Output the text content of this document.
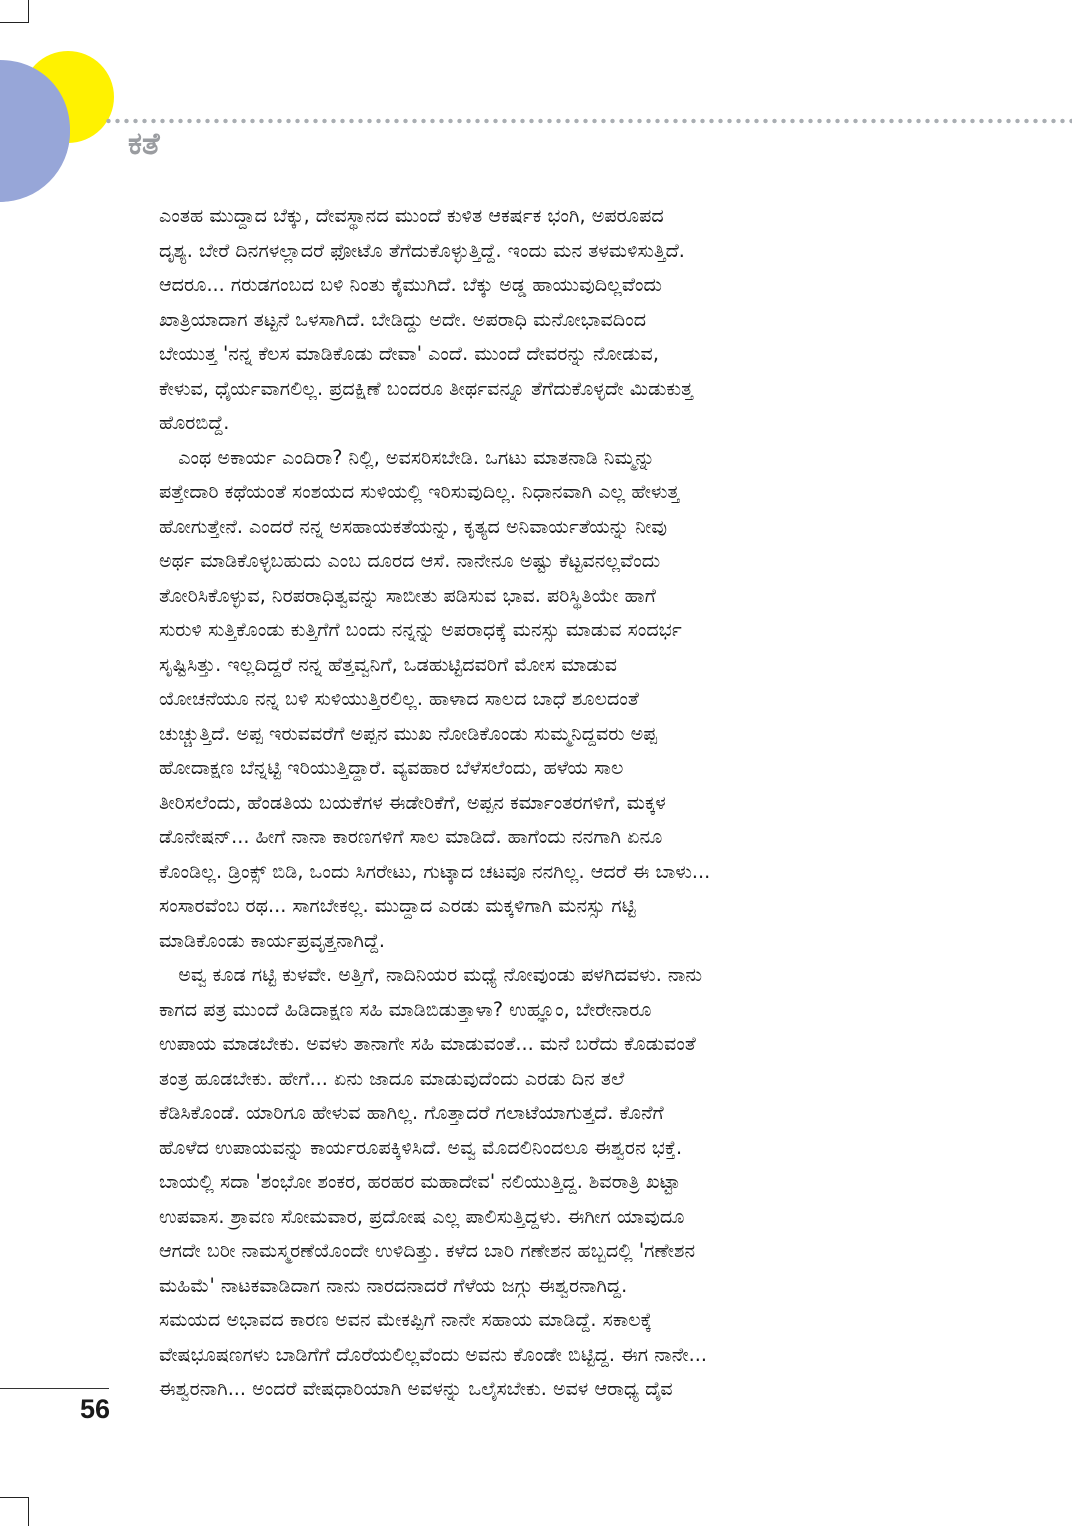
ಕತೆ
ಎಂತಹ ಮುದ್ದಾದ ಬೆಕ್ಕು, ದೇವಸ್ಥಾನದ ಮುಂದೆ ಕುಳಿತ ಆಕರ್ಷಕ ಭಂಗಿ, ಅಪರೂಪದ
ದೃಶ್ಯ. ಬೇರೆ ದಿನಗಳಲ್ಲಾದರೆ ಫೋಟೊ ತೆಗೆದುಕೊಳ್ಳುತ್ತಿದ್ದೆ. ಇಂದು ಮನ ತಳಮಳಿಸುತ್ತಿದೆ.
ಆದರೂ... ಗರುಡಗಂಬದ ಬಳಿ ನಿಂತು ಕೈಮುಗಿದೆ. ಬೆಕ್ಕು ಅಡ್ಡ ಹಾಯುವುದಿಲ್ಲವೆಂದು
ಖಾತ್ರಿಯಾದಾಗ ತಟ್ಟನೆ ಒಳಸಾಗಿದೆ. ಬೇಡಿದ್ದು ಅದೇ. ಅಪರಾಧಿ ಮನೋಭಾವದಿಂದ
ಬೇಯುತ್ತ 'ನನ್ನ ಕೆಲಸ ಮಾಡಿಕೊಡು ದೇವಾ' ಎಂದೆ. ಮುಂದೆ ದೇವರನ್ನು ನೋಡುವ,
ಕೇಳುವ, ಧೈರ್ಯವಾಗಲಿಲ್ಲ. ಪ್ರದಕ್ಷಿಣೆ ಬಂದರೂ ತೀರ್ಥವನ್ನೂ ತೆಗೆದುಕೊಳ್ಳದೇ ಮಿಡುಕುತ್ತ
ಹೊರಬಿದ್ದೆ.
 ಎಂಥ ಅಕಾರ್ಯ ಎಂದಿರಾ? ನಿಲ್ಲಿ, ಅವಸರಿಸಬೇಡಿ. ಒಗಟು ಮಾತನಾಡಿ ನಿಮ್ಮನ್ನು
ಪತ್ತೇದಾರಿ ಕಥೆಯಂತೆ ಸಂಶಯದ ಸುಳಿಯಲ್ಲಿ ಇರಿಸುವುದಿಲ್ಲ. ನಿಧಾನವಾಗಿ ಎಲ್ಲ ಹೇಳುತ್ತ
ಹೋಗುತ್ತೇನೆ. ಎಂದರೆ ನನ್ನ ಅಸಹಾಯಕತೆಯನ್ನು, ಕೃತ್ಯದ ಅನಿವಾರ್ಯತೆಯನ್ನು ನೀವು
ಅರ್ಥ ಮಾಡಿಕೊಳ್ಳಬಹುದು ಎಂಬ ದೂರದ ಆಸೆ. ನಾನೇನೂ ಅಷ್ಟು ಕೆಟ್ಟವನಲ್ಲವೆಂದು
ತೋರಿಸಿಕೊಳ್ಳುವ, ನಿರಪರಾಧಿತ್ವವನ್ನು ಸಾಬೀತು ಪಡಿಸುವ ಭಾವ. ಪರಿಸ್ಥಿತಿಯೇ ಹಾಗೆ
ಸುರುಳಿ ಸುತ್ತಿಕೊಂಡು ಕುತ್ತಿಗೆಗೆ ಬಂದು ನನ್ನನ್ನು ಅಪರಾಧಕ್ಕೆ ಮನಸ್ಸು ಮಾಡುವ ಸಂದರ್ಭ
ಸೃಷ್ಟಿಸಿತ್ತು. ಇಲ್ಲದಿದ್ದರೆ ನನ್ನ ಹೆತ್ತವ್ವನಿಗೆ, ಒಡಹುಟ್ಟಿದವರಿಗೆ ಮೋಸ ಮಾಡುವ
ಯೋಚನೆಯೂ ನನ್ನ ಬಳಿ ಸುಳಿಯುತ್ತಿರಲಿಲ್ಲ. ಹಾಳಾದ ಸಾಲದ ಬಾಧೆ ಶೂಲದಂತೆ
ಚುಚ್ಚುತ್ತಿದೆ. ಅಪ್ಪ ಇರುವವರೆಗೆ ಅಪ್ಪನ ಮುಖ ನೋಡಿಕೊಂಡು ಸುಮ್ಮನಿದ್ದವರು ಅಪ್ಪ
ಹೋದಾಕ್ಷಣ ಬೆನ್ನಟ್ಟಿ ಇರಿಯುತ್ತಿದ್ದಾರೆ. ವ್ಯವಹಾರ ಬೆಳೆಸಲೆಂದು, ಹಳೆಯ ಸಾಲ
ತೀರಿಸಲೆಂದು, ಹೆಂಡತಿಯ ಬಯಕೆಗಳ ಈಡೇರಿಕೆಗೆ, ಅಪ್ಪನ ಕರ್ಮಾಂತರಗಳಿಗೆ, ಮಕ್ಕಳ
ಡೊನೇಷನ್... ಹೀಗೆ ನಾನಾ ಕಾರಣಗಳಿಗೆ ಸಾಲ ಮಾಡಿದೆ. ಹಾಗೆಂದು ನನಗಾಗಿ ಏನೂ
ಕೊಂಡಿಲ್ಲ. ಡ್ರಿಂಕ್ಸ್ ಬಿಡಿ, ಒಂದು ಸಿಗರೇಟು, ಗುಟ್ಕಾದ ಚಟವೂ ನನಗಿಲ್ಲ. ಆದರೆ ಈ ಬಾಳು...
ಸಂಸಾರವೆಂಬ ರಥ... ಸಾಗಬೇಕಲ್ಲ. ಮುದ್ದಾದ ಎರಡು ಮಕ್ಕಳಿಗಾಗಿ ಮನಸ್ಸು ಗಟ್ಟಿ
ಮಾಡಿಕೊಂಡು ಕಾರ್ಯಪ್ರವೃತ್ತನಾಗಿದ್ದೆ.
 ಅವ್ವ ಕೂಡ ಗಟ್ಟಿ ಕುಳವೇ. ಅತ್ತಿಗೆ, ನಾದಿನಿಯರ ಮಧ್ಯೆ ನೋವುಂಡು ಪಳಗಿದವಳು. ನಾನು
ಕಾಗದ ಪತ್ರ ಮುಂದೆ ಹಿಡಿದಾಕ್ಷಣ ಸಹಿ ಮಾಡಿಬಿಡುತ್ತಾಳಾ? ಉಹ್ಞೂಂ, ಬೇರೇನಾರೂ
ಉಪಾಯ ಮಾಡಬೇಕು. ಅವಳು ತಾನಾಗೇ ಸಹಿ ಮಾಡುವಂತೆ... ಮನೆ ಬರೆದು ಕೊಡುವಂತೆ
ತಂತ್ರ ಹೂಡಬೇಕು. ಹೇಗೆ... ಏನು ಜಾದೂ ಮಾಡುವುದೆಂದು ಎರಡು ದಿನ ತಲೆ
ಕೆಡಿಸಿಕೊಂಡೆ. ಯಾರಿಗೂ ಹೇಳುವ ಹಾಗಿಲ್ಲ. ಗೊತ್ತಾದರೆ ಗಲಾಟೆಯಾಗುತ್ತದೆ. ಕೊನೆಗೆ
ಹೊಳೆದ ಉಪಾಯವನ್ನು ಕಾರ್ಯರೂಪಕ್ಕಿಳಿಸಿದೆ. ಅವ್ವ ಮೊದಲಿನಿಂದಲೂ ಈಶ್ವರನ ಭಕ್ತೆ.
ಬಾಯಲ್ಲಿ ಸದಾ 'ಶಂಭೋ ಶಂಕರ, ಹರಹರ ಮಹಾದೇವ' ನಲಿಯುತ್ತಿದ್ದ. ಶಿವರಾತ್ರಿ ಖಟ್ಟಾ
ಉಪವಾಸ. ಶ್ರಾವಣ ಸೋಮವಾರ, ಪ್ರದೋಷ ಎಲ್ಲ ಪಾಲಿಸುತ್ತಿದ್ದಳು. ಈಗೀಗ ಯಾವುದೂ
ಆಗದೇ ಬರೀ ನಾಮಸ್ಮರಣೆಯೊಂದೇ ಉಳಿದಿತ್ತು. ಕಳೆದ ಬಾರಿ ಗಣೇಶನ ಹಬ್ಬದಲ್ಲಿ 'ಗಣೇಶನ
ಮಹಿಮೆ' ನಾಟಕವಾಡಿದಾಗ ನಾನು ನಾರದನಾದರೆ ಗೆಳೆಯ ಜಗ್ಗು ಈಶ್ವರನಾಗಿದ್ದ.
ಸಮಯದ ಅಭಾವದ ಕಾರಣ ಅವನ ಮೇಕಪ್ಪಿಗೆ ನಾನೇ ಸಹಾಯ ಮಾಡಿದ್ದೆ. ಸಕಾಲಕ್ಕೆ
ವೇಷಭೂಷಣಗಳು ಬಾಡಿಗೆಗೆ ದೊರೆಯಲಿಲ್ಲವೆಂದು ಅವನು ಕೊಂಡೇ ಬಿಟ್ಟಿದ್ದ. ಈಗ ನಾನೇ...
ಈಶ್ವರನಾಗಿ... ಅಂದರೆ ವೇಷಧಾರಿಯಾಗಿ ಅವಳನ್ನು ಒಲೈಸಬೇಕು. ಅವಳ ಆರಾಧ್ಯ ದೈವ
56
